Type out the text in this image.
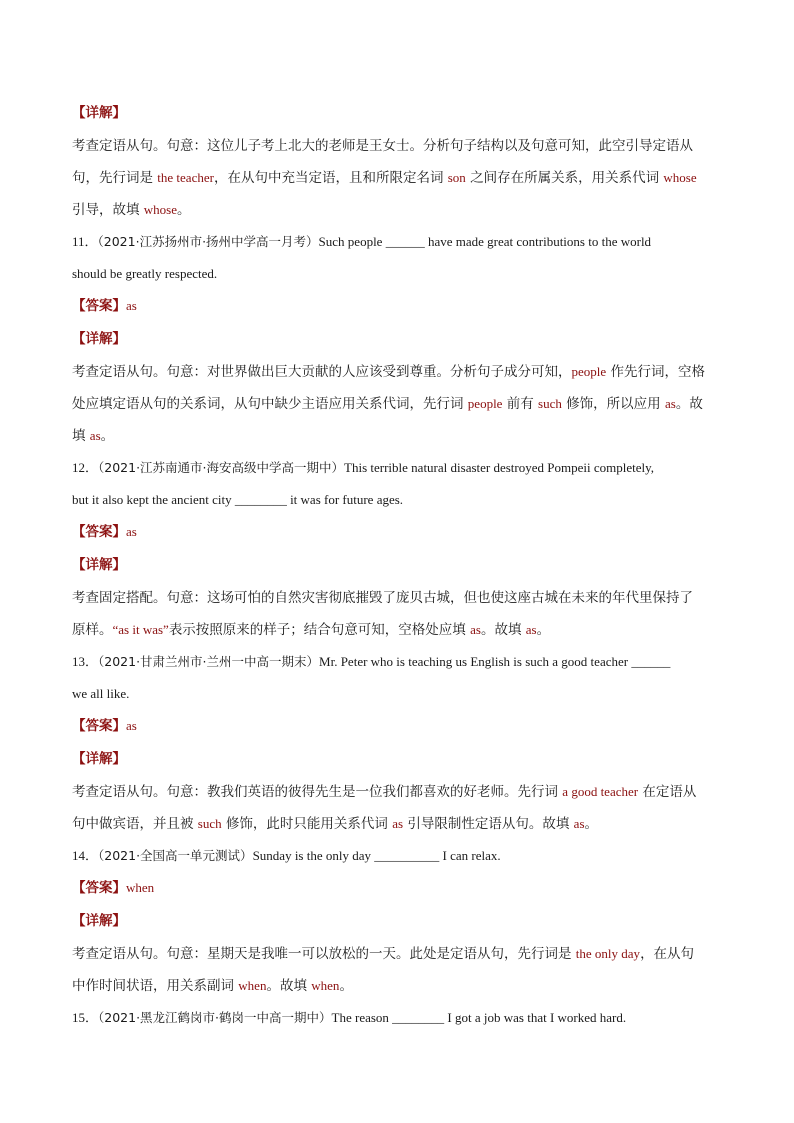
【详解】
考查定语从句。句意：这位儿子考上北大的老师是王女士。分析句子结构以及句意可知，此空引导定语从
句，先行词是 the teacher，在从句中充当定语，且和所限定名词 son 之间存在所属关系，用关系代词 whose
引导，故填 whose。
11．（2021·江苏扬州市·扬州中学高一月考）Such people ______ have made great contributions to the world
should be greatly respected.
【答案】as
【详解】
考查定语从句。句意：对世界做出巨大贡献的人应该受到尊重。分析句子成分可知，people 作先行词，空格
处应填定语从句的关系词，从句中缺少主语应用关系代词，先行词 people 前有 such 修饰，所以应用 as。故
填 as。
12．（2021·江苏南通市·海安高级中学高一期中）This terrible natural disaster destroyed Pompeii completely,
but it also kept the ancient city ________ it was for future ages.
【答案】as
【详解】
考查固定搭配。句意：这场可怕的自然灾害彻底摧毁了庞贝古城，但也使这座古城在未来的年代里保持了
原样。“as it was”表示按照原来的样子；结合句意可知，空格处应填 as。故填 as。
13．（2021·甘肃兰州市·兰州一中高一期末）Mr. Peter who is teaching us English is such a good teacher ______
we all like.
【答案】as
【详解】
考查定语从句。句意：教我们英语的彼得先生是一位我们都喜欢的好老师。先行词 a good teacher 在定语从
句中做宾语，并且被 such 修饰，此时只能用关系代词 as 引导限制性定语从句。故填 as。
14．（2021·全国高一单元测试）Sunday is the only day __________ I can relax.
【答案】when
【详解】
考查定语从句。句意：星期天是我唯一可以放松的一天。此处是定语从句，先行词是 the only day，在从句
中作时间状语，用关系副词 when。故填 when。
15．（2021·黑龙江鹤岗市·鹤岗一中高一期中）The reason ________ I got a job was that I worked hard.
